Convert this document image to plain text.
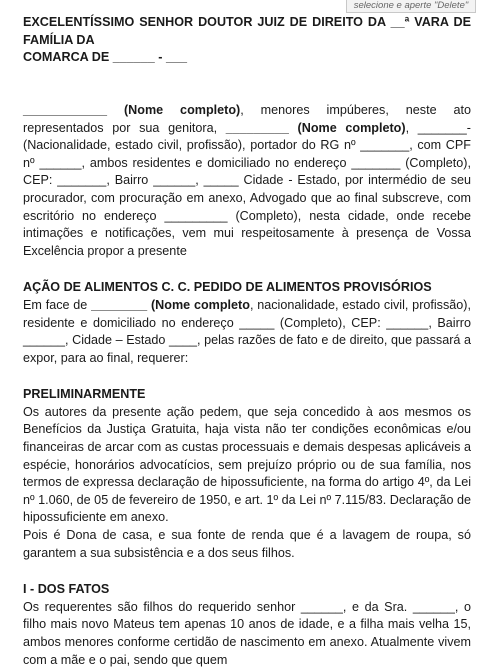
selecione e aperte "Delete"

EXCELENTÍSSIMO SENHOR DOUTOR JUIZ DE DIREITO DA __ª VARA DE FAMÍLIA DA
COMARCA DE ______ - ___

____________ (Nome completo), menores impúberes, neste ato representados por sua genitora, _________ (Nome completo), _______- (Nacionalidade, estado civil, profissão), portador do RG nº _______, com CPF nº ______, ambos residentes e domiciliado no endereço _______ (Completo), CEP: _______, Bairro ______, _____ Cidade - Estado, por intermédio de seu procurador, com procuração em anexo, Advogado que ao final subscreve, com escritório no endereço _________ (Completo), nesta cidade, onde recebe intimações e notificações, vem mui respeitosamente à presença de Vossa Excelência propor a presente

AÇÃO DE ALIMENTOS C. C. PEDIDO DE ALIMENTOS PROVISÓRIOS

Em face de ________ (Nome completo, nacionalidade, estado civil, profissão), residente e domiciliado no endereço _____ (Completo), CEP: ______, Bairro ______, Cidade – Estado ____, pelas razões de fato e de direito, que passará a expor, para ao final, requerer:

PRELIMINARMENTE

Os autores da presente ação pedem, que seja concedido à aos mesmos os Benefícios da Justiça Gratuita, haja vista não ter condições econômicas e/ou financeiras de arcar com as custas processuais e demais despesas aplicáveis a espécie, honorários advocatícios, sem prejuízo próprio ou de sua família, nos termos de expressa declaração de hipossuficiente, na forma do artigo 4º, da Lei nº 1.060, de 05 de fevereiro de 1950, e art. 1º da Lei nº 7.115/83. Declaração de hipossuficiente em anexo.

Pois é Dona de casa, e sua fonte de renda que é a lavagem de roupa, só garantem a sua subsistência e a dos seus filhos.

I - DOS FATOS

Os requerentes são filhos do requerido senhor ______, e da Sra. ______, o filho mais novo Mateus tem apenas 10 anos de idade, e a filha mais velha 15, ambos menores conforme certidão de nascimento em anexo. Atualmente vivem com a mãe e o pai, sendo que quem
